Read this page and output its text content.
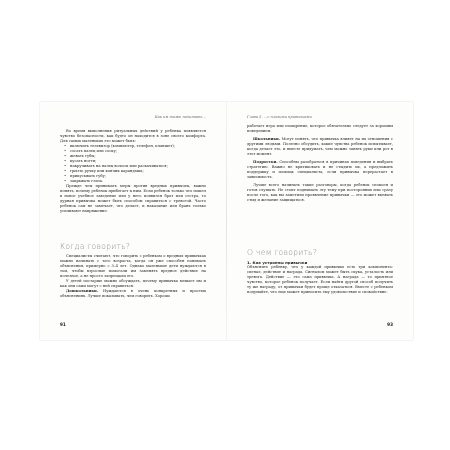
Как им тоже почитать…

Во время выполнения ритуальных действий у ребенка появляется чувство безопасности, как будто он находится в зоне своего комфорта. Для самых маленьких это может быть:

• включить телевизор (компьютер, телефон, планшет);
• сосать палец или соску;
• жевать губы;
• кусать ногти;
• накручивать на палец волосы или раскачиваться;
• грызть ручку или кончик карандаша;
• прикусывать губу;
• закрывать глаза.

Прежде чем принимать меры против вредных привычек, важно понять, почему ребенок прибегает к ним. Если ребенок только что пошел в новое учебное заведение или у него появился брат или сестра, то дурная привычка может быть способом справиться с тревогой. Часто ребенок сам не замечает, что делает, и наказание или брань только усиливают напряжение.

Когда говорить?

Специалисты считают, что говорить с ребенком о вредных привычках можно начинать с того возраста, когда он уже способен понимать объяснения, примерно с 3–4 лет. Однако маленькие дети нуждаются в том, чтобы взрослые помогали им заменять вредное действие на полезное, а не просто запрещали его.

У детей постарше можно обсуждать, почему привычка мешает им и как они сами могут с ней справиться.

Дошкольники. Нуждаются в очень конкретных и простых объяснениях. Лучше показывать, чем говорить. Хорошо

91
Глава 5. …с плохими привычками

работает игра или поощрение, которое обязательно следует за хорошим поведением.

Школьники. Могут понять, что привычка влияет на их отношения с другими людьми. Полезно обсудить, какие чувства ребенок испытывает, когда делает это, и вместе придумать, чем можно занять руки или рот в этот момент.

Подростки. Способны разобраться в причинах поведения и выбрать стратегию. Важно не критиковать и не стыдить их, а предложить поддержку и помощь специалиста, если привычка перерастает в зависимость.

Лучше всего начинать такие разговоры, когда ребенок спокоен и готов слушать. Не стоит поднимать эту тему при посторонних или сразу после того, как вы заметили проявление привычки — это может вызвать стыд и желание защищаться.

О чем говорить?
1. Как устроены привычки

Объясните ребенку, что у каждой привычки есть три компонента: сигнал, действие и награда. Сигналом может быть скука, усталость или тревога. Действие — это сама привычка. А награда — то приятное чувство, которое ребенок получает. Если найти другой способ получить ту же награду, от привычки будет проще отказаться. Вместе с ребенком подумайте, что еще может приносить ему удовольствие и спокойствие.

93
